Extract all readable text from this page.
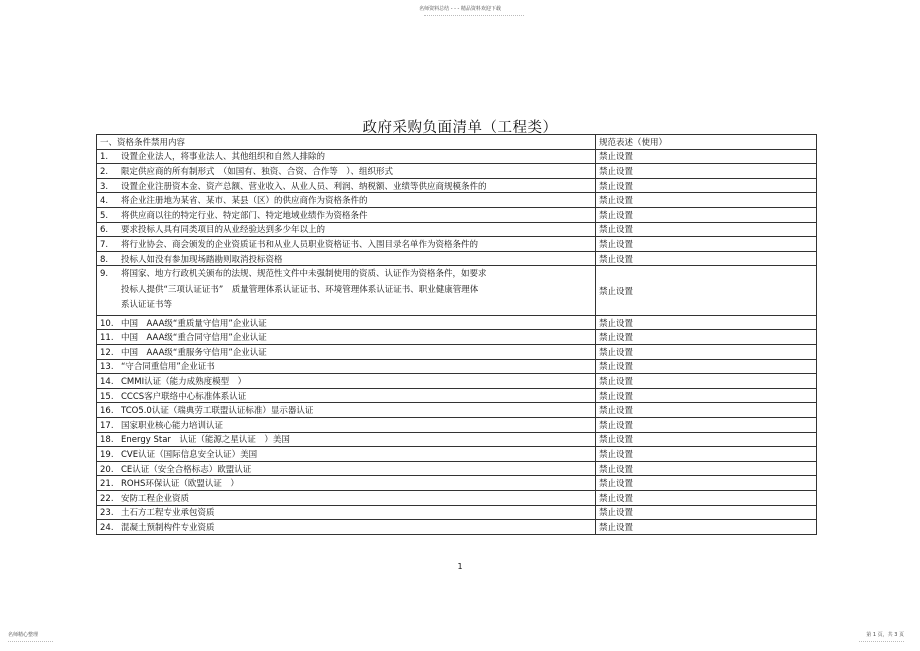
名师资料总结 - - - 精品资料欢迎下载
政府采购负面清单（工程类）
一、资格条件禁用内容	规范表述（使用）
1. 设置企业法人，将事业法人、其他组织和自然人排除的	禁止设置
2. 限定供应商的所有制形式　（如国有、独资、合资、合作等　）、组织形式	禁止设置
3. 设置企业注册资本金、资产总额、营业收入、从业人员、利润、纳税额、业绩等供应商规模条件的	禁止设置
4. 将企业注册地为某省、某市、某县（区）的供应商作为资格条件的	禁止设置
5. 将供应商以往的特定行业、特定部门、特定地域业绩作为资格条件	禁止设置
6. 要求投标人具有同类项目的从业经验达到多少年以上的	禁止设置
7. 将行业协会、商会颁发的企业资质证书和从业人员职业资格证书、入围目录名单作为资格条件的	禁止设置
8. 投标人如没有参加现场踏勘则取消投标资格	禁止设置

9. 将国家、地方行政机关颁布的法规、规范性文件中未强制使用的资质、认证作为资格条件，如要求
投标人提供“三项认证证书”　质量管理体系认证证书、环境管理体系认证证书、职业健康管理体
系认证证书等	禁止设置
10. 中国　AAA级“重质量守信用”企业认证	禁止设置
11. 中国　AAA级“重合同守信用”企业认证	禁止设置
12. 中国　AAA级“重服务守信用”企业认证	禁止设置
13. “守合同重信用”企业证书	禁止设置
14. CMMI认证（能力成熟度模型　）	禁止设置
15. CCCS客户联络中心标准体系认证	禁止设置
16. TCO5.0认证（瑞典劳工联盟认证标准）显示器认证	禁止设置
17. 国家职业核心能力培训认证	禁止设置
18. Energy Star　认证（能源之星认证　）美国	禁止设置
19. CVE认证（国际信息安全认证）美国	禁止设置
20. CE认证（安全合格标志）欧盟认证	禁止设置
21. ROHS环保认证（欧盟认证　）	禁止设置
22. 安防工程企业资质	禁止设置
23. 土石方工程专业承包资质	禁止设置
24. 混凝土预制构件专业资质	禁止设置
1
名师精心整理	第 1 页，共 3 页
